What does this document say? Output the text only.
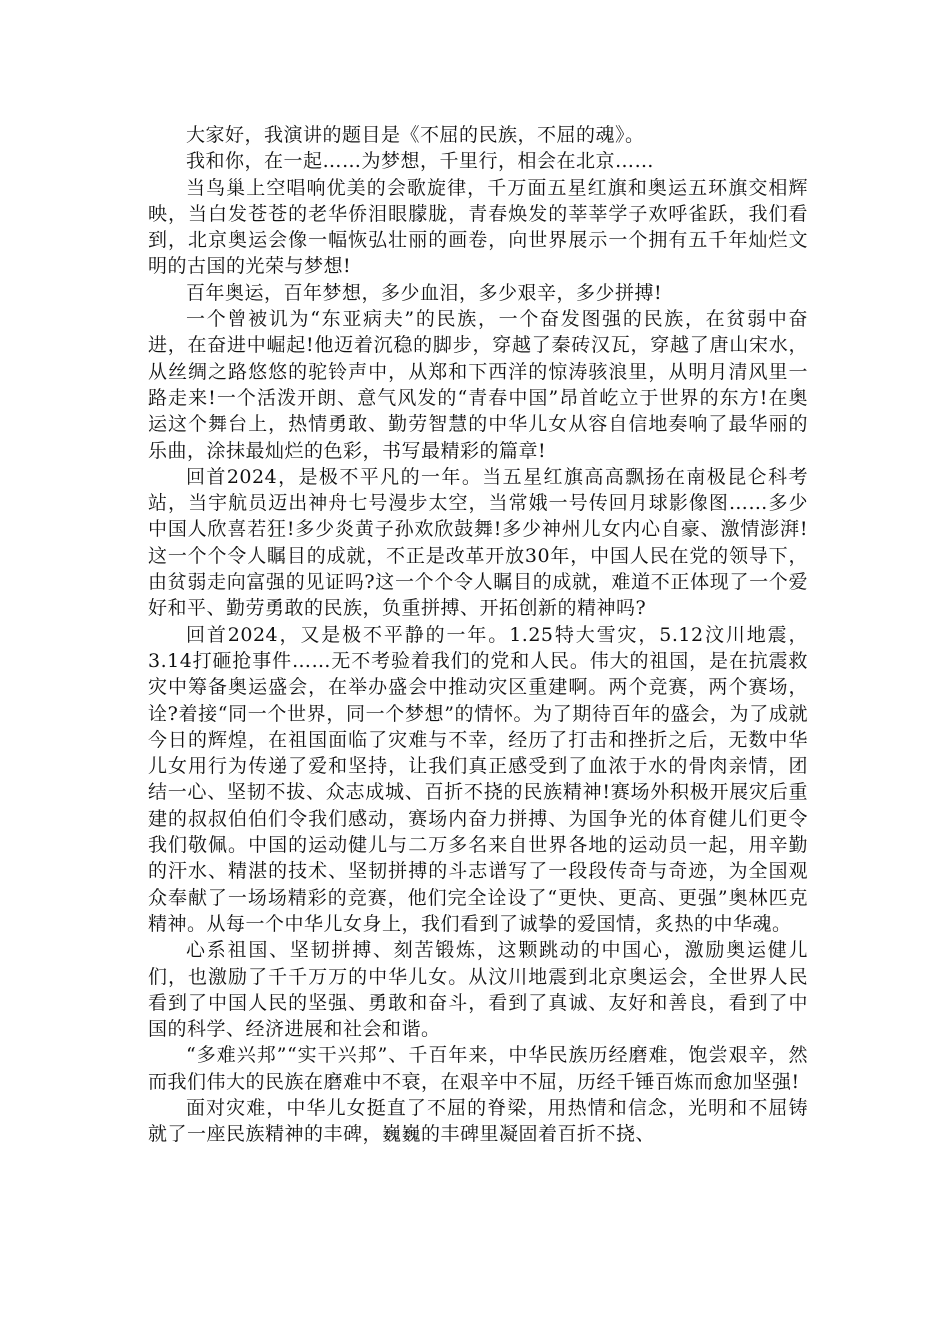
大家好，我演讲的题目是《不屈的民族，不屈的魂》。

我和你，在一起……为梦想，千里行，相会在北京……

当鸟巢上空唱响优美的会歌旋律，千万面五星红旗和奥运五环旗交相辉映，当白发苍苍的老华侨泪眼朦胧，青春焕发的莘莘学子欢呼雀跃，我们看到，北京奥运会像一幅恢弘壮丽的画卷，向世界展示一个拥有五千年灿烂文明的古国的光荣与梦想!

百年奥运，百年梦想，多少血泪，多少艰辛，多少拼搏!

一个曾被讥为“东亚病夫”的民族，一个奋发图强的民族，在贫弱中奋进，在奋进中崛起!他迈着沉稳的脚步，穿越了秦砖汉瓦，穿越了唐山宋水，从丝绸之路悠悠的驼铃声中，从郑和下西洋的惊涛骇浪里，从明月清风里一路走来!一个活泼开朗、意气风发的“青春中国”昂首屹立于世界的东方!在奥运这个舞台上，热情勇敢、勤劳智慧的中华儿女从容自信地奏响了最华丽的乐曲，涂抹最灿烂的色彩，书写最精彩的篇章!

回首2024，是极不平凡的一年。当五星红旗高高飘扬在南极昆仑科考站，当宇航员迈出神舟七号漫步太空，当常娥一号传回月球影像图……多少中国人欣喜若狂!多少炎黄子孙欢欣鼓舞!多少神州儿女内心自豪、激情澎湃!这一个个令人瞩目的成就，不正是改革开放30年，中国人民在党的领导下，由贫弱走向富强的见证吗?这一个个令人瞩目的成就，难道不正体现了一个爱好和平、勤劳勇敢的民族，负重拼搏、开拓创新的精神吗?

回首2024，又是极不平静的一年。1.25特大雪灾，5.12汶川地震，3.14打砸抢事件……无不考验着我们的党和人民。伟大的祖国，是在抗震救灾中筹备奥运盛会，在举办盛会中推动灾区重建啊。两个竞赛，两个赛场，诠?着接“同一个世界，同一个梦想”的情怀。为了期待百年的盛会，为了成就今日的辉煌，在祖国面临了灾难与不幸，经历了打击和挫折之后，无数中华儿女用行为传递了爱和坚持，让我们真正感受到了血浓于水的骨肉亲情，团结一心、坚韧不拔、众志成城、百折不挠的民族精神!赛场外积极开展灾后重建的叔叔伯伯们令我们感动，赛场内奋力拼搏、为国争光的体育健儿们更令我们敬佩。中国的运动健儿与二万多名来自世界各地的运动员一起，用辛勤的汗水、精湛的技术、坚韧拼搏的斗志谱写了一段段传奇与奇迹，为全国观众奉献了一场场精彩的竞赛，他们完全诠设了“更快、更高、更强”奥林匹克精神。从每一个中华儿女身上，我们看到了诚挚的爱国情，炙热的中华魂。

心系祖国、坚韧拼搏、刻苦锻炼，这颗跳动的中国心，激励奥运健儿们，也激励了千千万万的中华儿女。从汶川地震到北京奥运会，全世界人民看到了中国人民的坚强、勇敢和奋斗，看到了真诚、友好和善良，看到了中国的科学、经济进展和社会和谐。

“多难兴邦”“实干兴邦”、千百年来，中华民族历经磨难，饱尝艰辛，然而我们伟大的民族在磨难中不衰，在艰辛中不屈，历经千锤百炼而愈加坚强!

面对灾难，中华儿女挺直了不屈的脊梁，用热情和信念，光明和不屈铸就了一座民族精神的丰碑，巍巍的丰碑里凝固着百折不挠、
